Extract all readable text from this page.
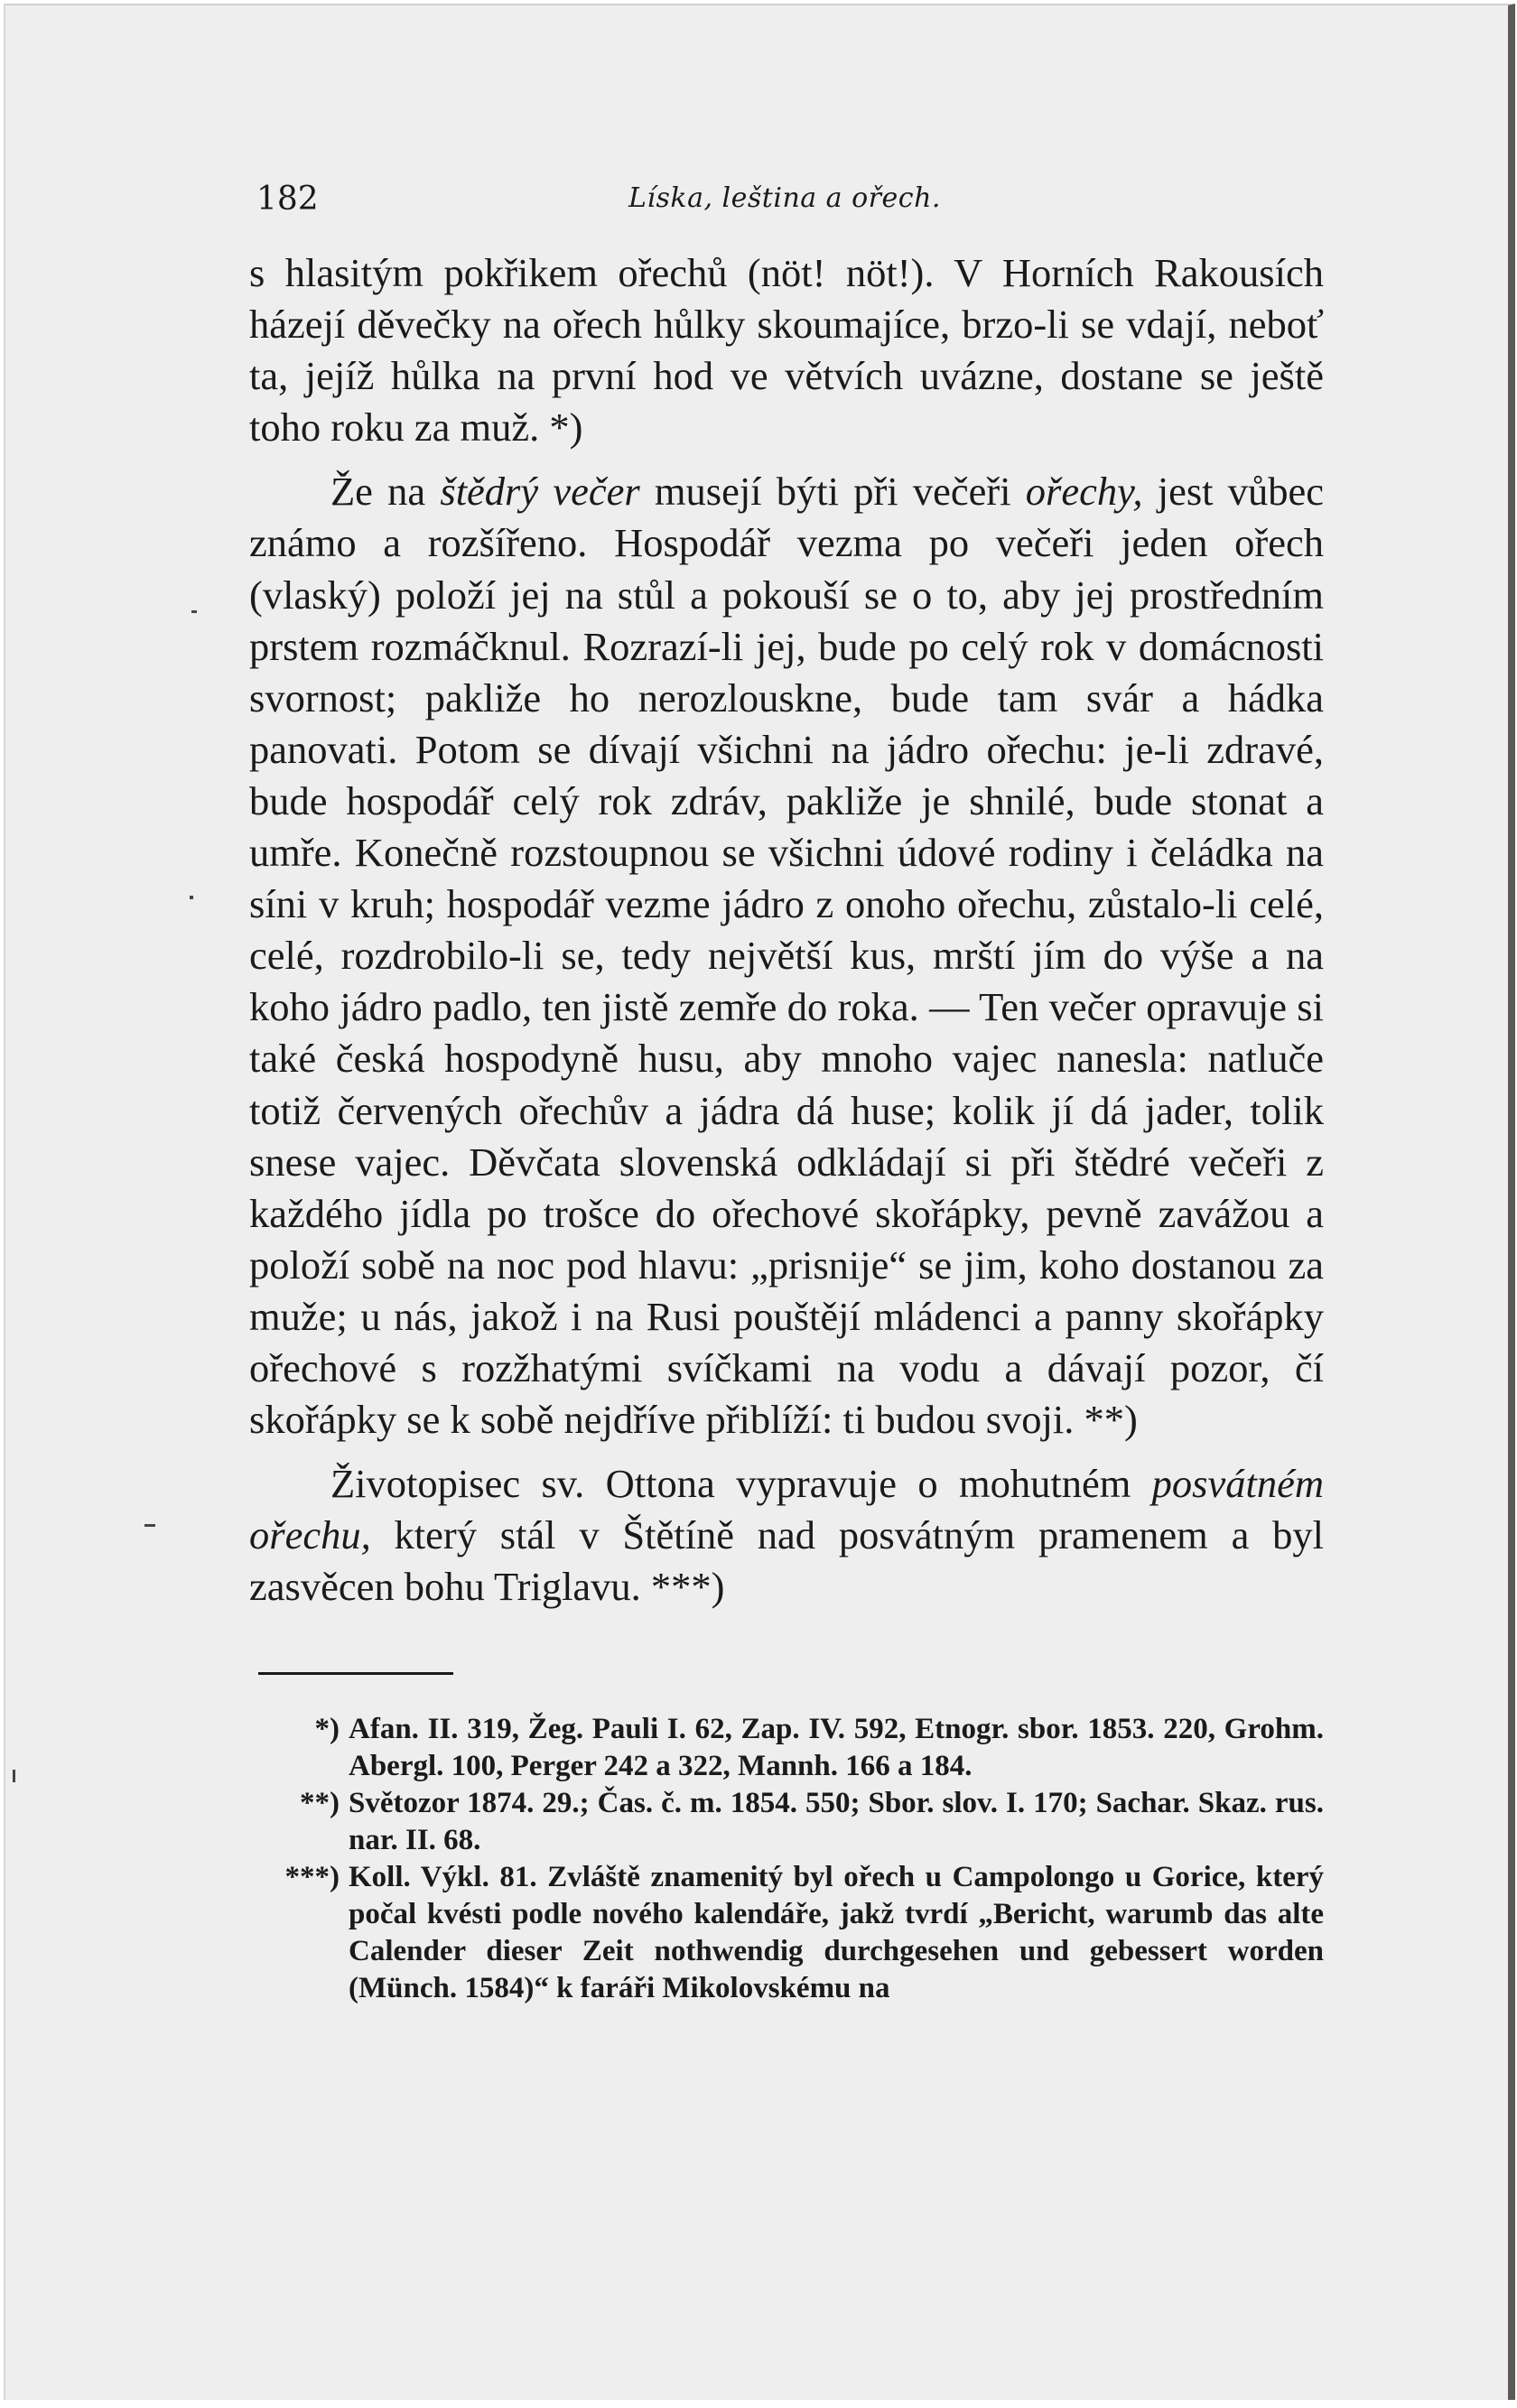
182	Líska, leština a ořech.

s hlasitým pokřikem ořechů (nöt! nöt!). V Horních Rakousích házejí děvečky na ořech hůlky skoumajíce, brzo-li se vdají, neboť ta, jejíž hůlka na první hod ve větvích uvázne, dostane se ještě toho roku za muž. *)

Že na štědrý večer musejí býti při večeři ořechy, jest vůbec známo a rozšířeno. Hospodář vezma po večeři jeden ořech (vlaský) položí jej na stůl a pokouší se o to, aby jej prostředním prstem rozmáčknul. Rozrazí-li jej, bude po celý rok v domácnosti svornost; pakliže ho nerozlouskne, bude tam svár a hádka panovati. Potom se dívají všichni na jádro ořechu: je-li zdravé, bude hospodář celý rok zdráv, pakliže je shnilé, bude stonat a umře. Konečně rozstoupnou se všichni údové rodiny i čeládka na síni v kruh; hospodář vezme jádro z onoho ořechu, zůstalo-li celé, celé, rozdrobilo-li se, tedy největší kus, mrští jím do výše a na koho jádro padlo, ten jistě zemře do roka. — Ten večer opravuje si také česká hospodyně husu, aby mnoho vajec nanesla: natluče totiž červených ořechův a jádra dá huse; kolik jí dá jader, tolik snese vajec. Děvčata slovenská odkládají si při štědré večeři z každého jídla po trošce do ořechové skořápky, pevně zavážou a položí sobě na noc pod hlavu: „prisnije“ se jim, koho dostanou za muže; u nás, jakož i na Rusi pouštějí mládenci a panny skořápky ořechové s rozžhatými svíčkami na vodu a dávají pozor, čí skořápky se k sobě nejdříve přiblíží: ti budou svoji. **)

Životopisec sv. Ottona vypravuje o mohutném posvátném ořechu, který stál v Štětíně nad posvátným pramenem a byl zasvěcen bohu Triglavu. ***)

*) Afan. II. 319, Žeg. Pauli I. 62, Zap. IV. 592, Etnogr. sbor. 1853. 220, Grohm. Abergl. 100, Perger 242 a 322, Mannh. 166 a 184.
**) Světozor 1874. 29.; Čas. č. m. 1854. 550; Sbor. slov. I. 170; Sachar. Skaz. rus. nar. II. 68.
***) Koll. Výkl. 81. Zvláště znamenitý byl ořech u Campolongo u Gorice, který počal kvésti podle nového kalendáře, jakž tvrdí „Bericht, warumb das alte Calender dieser Zeit nothwendig durchgesehen und gebessert worden (Münch. 1584)“ k faráři Mikolovskému na
